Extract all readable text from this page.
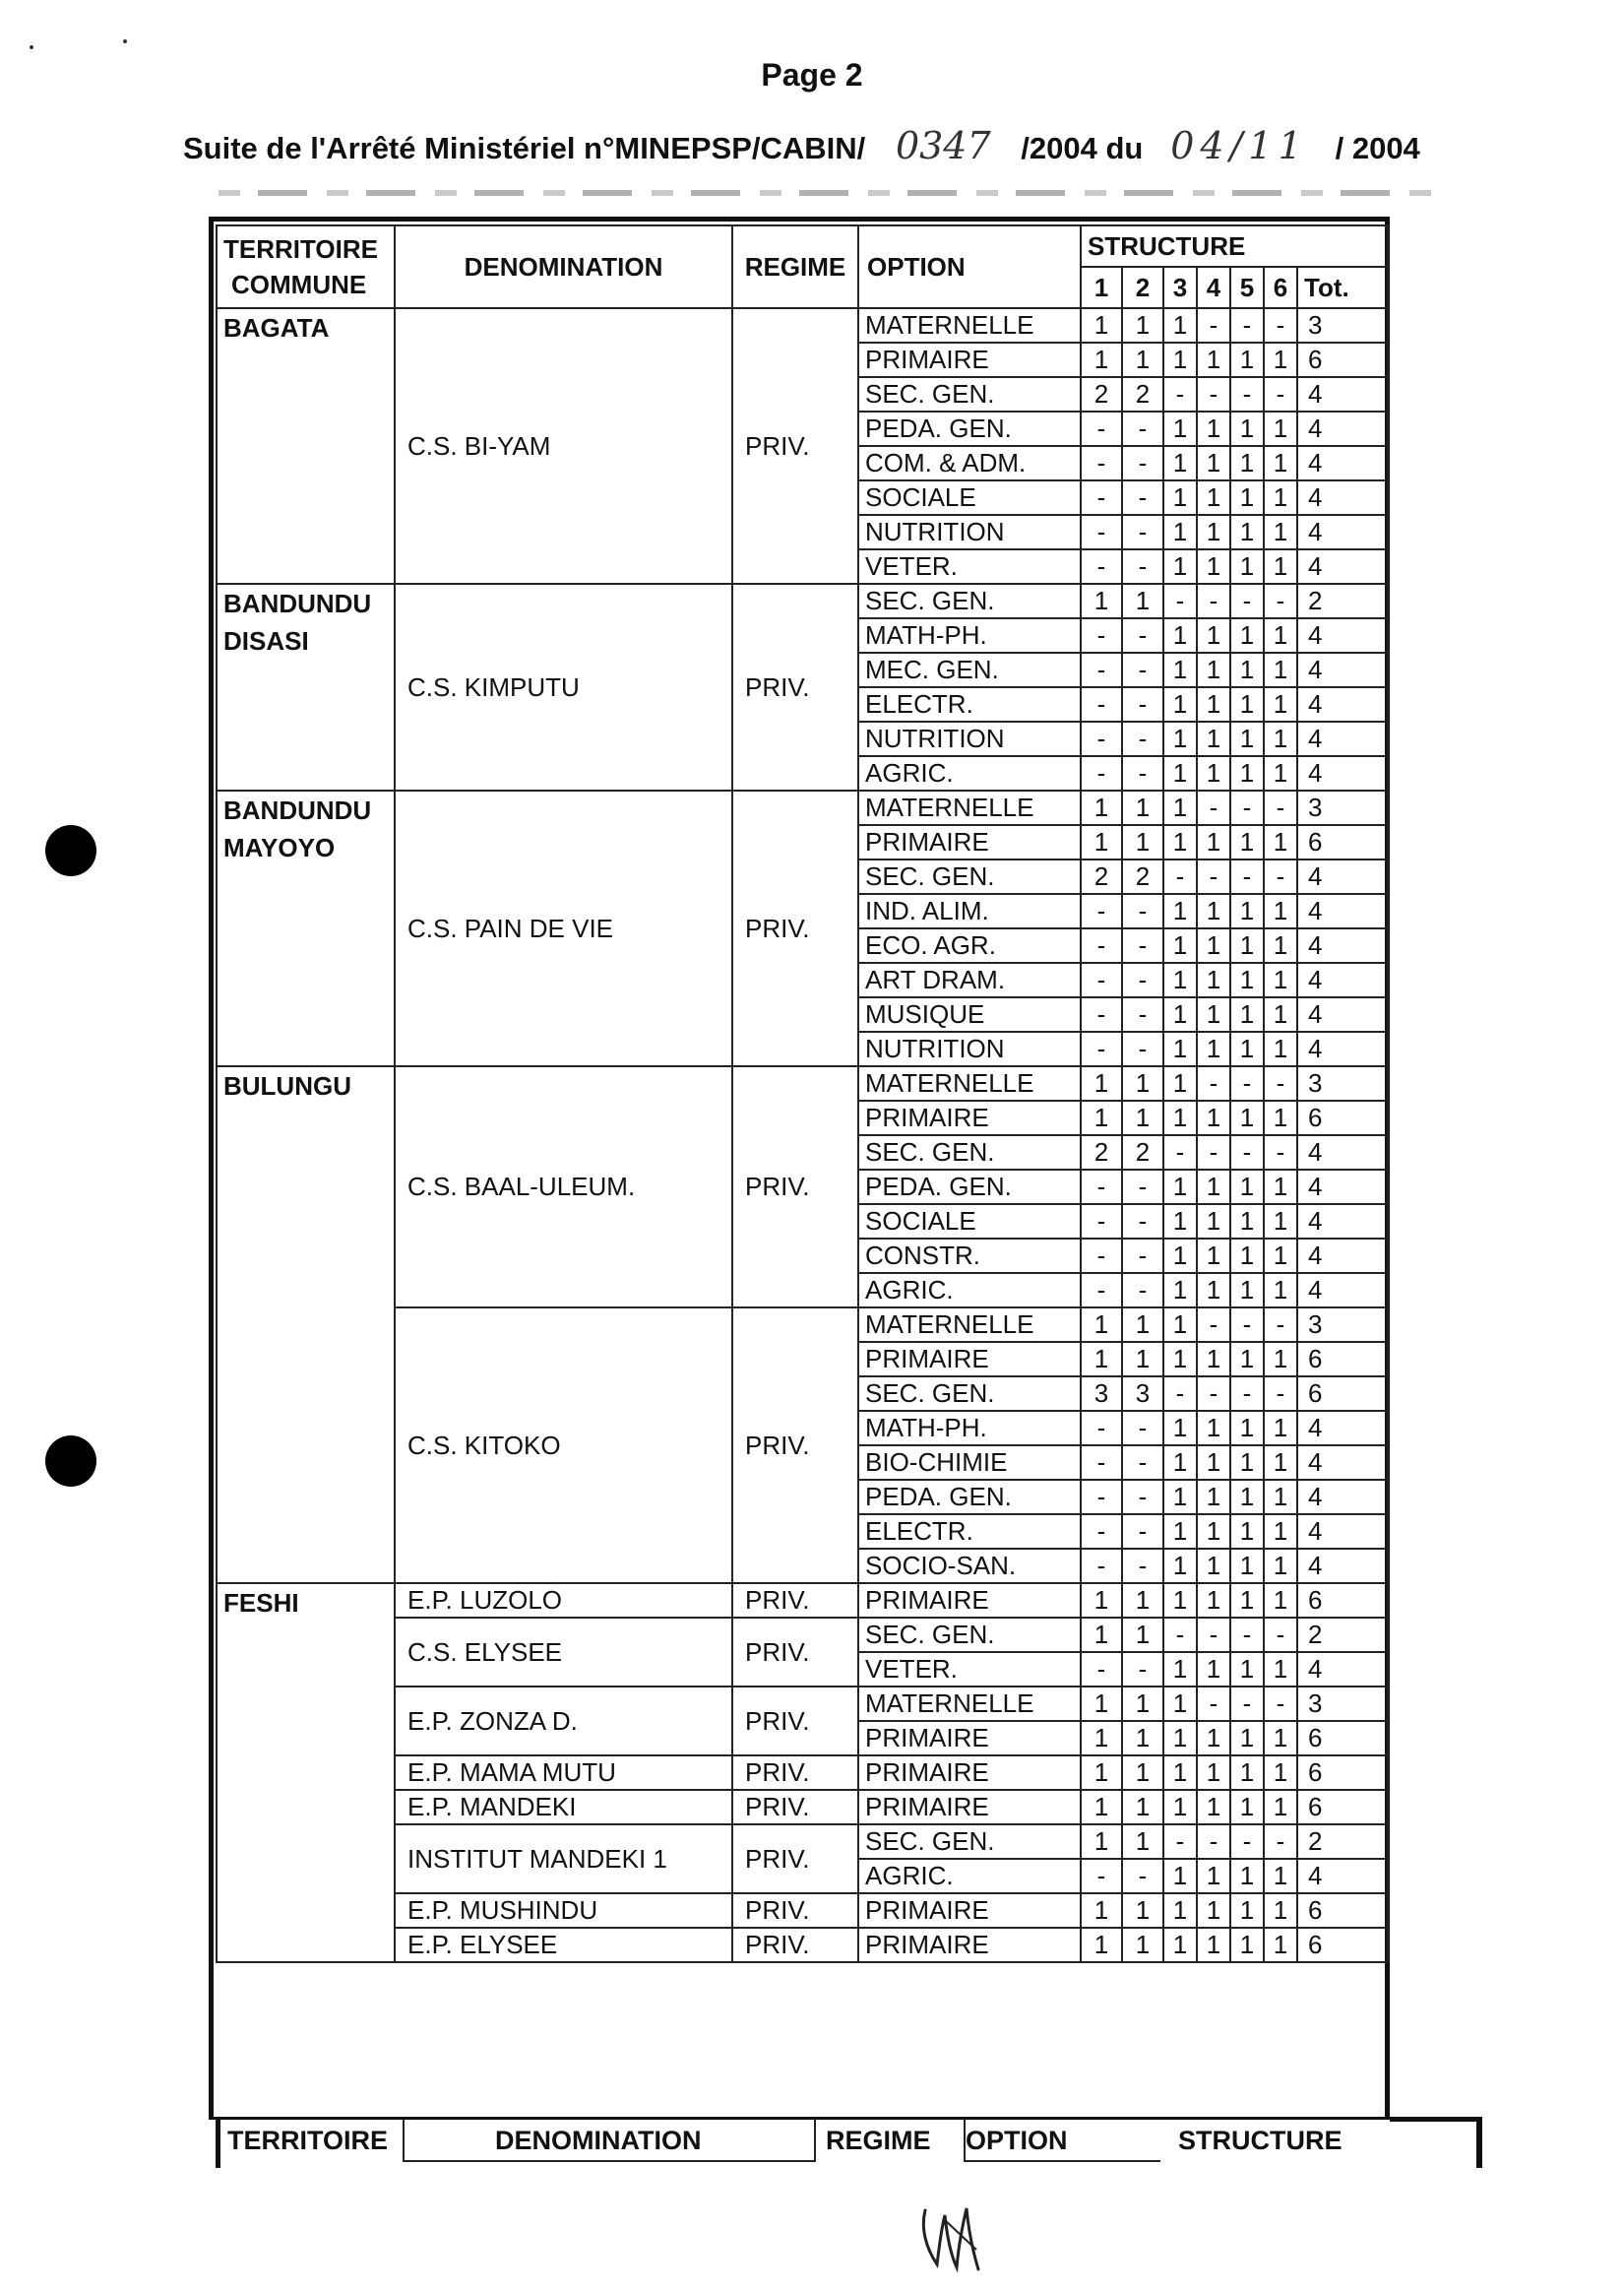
Page 2
Suite de l'Arrêté Ministériel n°MINEPSP/CABIN/ 0347 /2004 du 04/11 / 2004
TERRITOIRE
COMMUNE	DENOMINATION	REGIME	OPTION	STRUCTURE						
				1	2	3	4	5	6	Tot.
BAGATA	C.S. BI-YAM	PRIV.	MATERNELLE	1	1	1	-	-	-	3
			PRIMAIRE	1	1	1	1	1	1	6
			SEC. GEN.	2	2	-	-	-	-	4
			PEDA. GEN.	-	-	1	1	1	1	4
			COM. & ADM.	-	-	1	1	1	1	4
			SOCIALE	-	-	1	1	1	1	4
			NUTRITION	-	-	1	1	1	1	4
			VETER.	-	-	1	1	1	1	4
BANDUNDU
DISASI	C.S. KIMPUTU	PRIV.	SEC. GEN.	1	1	-	-	-	-	2
			MATH-PH.	-	-	1	1	1	1	4
			MEC. GEN.	-	-	1	1	1	1	4
			ELECTR.	-	-	1	1	1	1	4
			NUTRITION	-	-	1	1	1	1	4
			AGRIC.	-	-	1	1	1	1	4
BANDUNDU
MAYOYO	C.S. PAIN DE VIE	PRIV.	MATERNELLE	1	1	1	-	-	-	3
			PRIMAIRE	1	1	1	1	1	1	6
			SEC. GEN.	2	2	-	-	-	-	4
			IND. ALIM.	-	-	1	1	1	1	4
			ECO. AGR.	-	-	1	1	1	1	4
			ART DRAM.	-	-	1	1	1	1	4
			MUSIQUE	-	-	1	1	1	1	4
			NUTRITION	-	-	1	1	1	1	4
BULUNGU	C.S. BAAL-ULEUM.	PRIV.	MATERNELLE	1	1	1	-	-	-	3
			PRIMAIRE	1	1	1	1	1	1	6
			SEC. GEN.	2	2	-	-	-	-	4
			PEDA. GEN.	-	-	1	1	1	1	4
			SOCIALE	-	-	1	1	1	1	4
			CONSTR.	-	-	1	1	1	1	4
			AGRIC.	-	-	1	1	1	1	4
	C.S. KITOKO	PRIV.	MATERNELLE	1	1	1	-	-	-	3
			PRIMAIRE	1	1	1	1	1	1	6
			SEC. GEN.	3	3	-	-	-	-	6
			MATH-PH.	-	-	1	1	1	1	4
			BIO-CHIMIE	-	-	1	1	1	1	4
			PEDA. GEN.	-	-	1	1	1	1	4
			ELECTR.	-	-	1	1	1	1	4
			SOCIO-SAN.	-	-	1	1	1	1	4
FESHI	E.P. LUZOLO	PRIV.	PRIMAIRE	1	1	1	1	1	1	6
	C.S. ELYSEE	PRIV.	SEC. GEN.	1	1	-	-	-	-	2
			VETER.	-	-	1	1	1	1	4
	E.P. ZONZA D.	PRIV.	MATERNELLE	1	1	1	-	-	-	3
			PRIMAIRE	1	1	1	1	1	1	6
	E.P. MAMA MUTU	PRIV.	PRIMAIRE	1	1	1	1	1	1	6
	E.P. MANDEKI	PRIV.	PRIMAIRE	1	1	1	1	1	1	6
	INSTITUT MANDEKI 1	PRIV.	SEC. GEN.	1	1	-	-	-	-	2
			AGRIC.	-	-	1	1	1	1	4
	E.P. MUSHINDU	PRIV.	PRIMAIRE	1	1	1	1	1	1	6
	E.P. ELYSEE	PRIV.	PRIMAIRE	1	1	1	1	1	1	6
TERRITOIRE	DENOMINATION	REGIME OPTION	STRUCTURE
